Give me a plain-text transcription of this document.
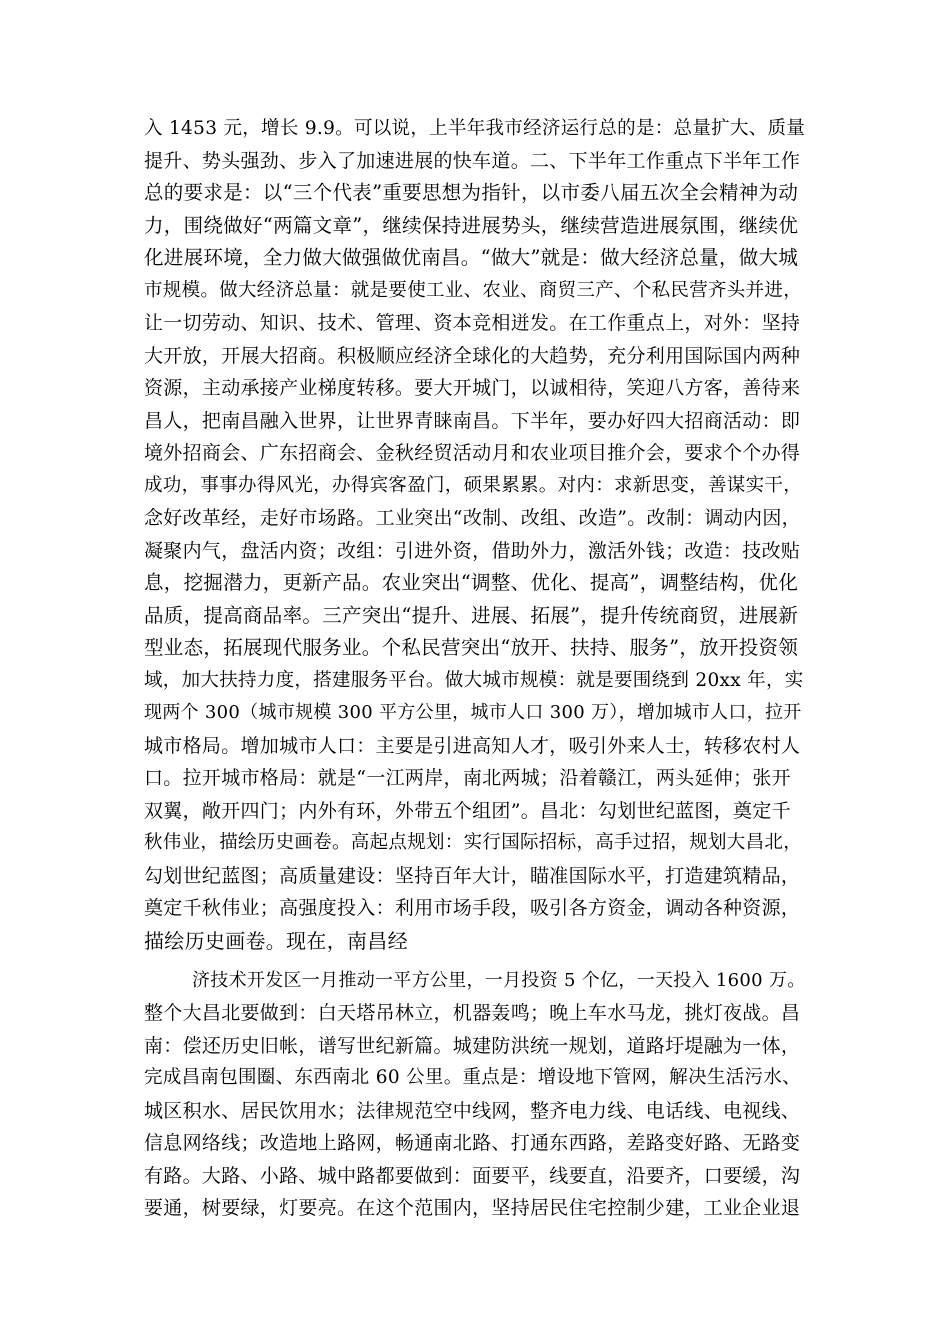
入 1453 元，增长 9.9。可以说，上半年我市经济运行总的是：总量扩大、质量
提升、势头强劲、步入了加速进展的快车道。二、下半年工作重点下半年工作
总的要求是：以“三个代表”重要思想为指针，以市委八届五次全会精神为动
力，围绕做好“两篇文章”，继续保持进展势头，继续营造进展氛围，继续优
化进展环境，全力做大做强做优南昌。“做大”就是：做大经济总量，做大城
市规模。做大经济总量：就是要使工业、农业、商贸三产、个私民营齐头并进，
让一切劳动、知识、技术、管理、资本竞相迸发。在工作重点上，对外：坚持
大开放，开展大招商。积极顺应经济全球化的大趋势，充分利用国际国内两种
资源，主动承接产业梯度转移。要大开城门，以诚相待，笑迎八方客，善待来
昌人，把南昌融入世界，让世界青睐南昌。下半年，要办好四大招商活动：即
境外招商会、广东招商会、金秋经贸活动月和农业项目推介会，要求个个办得
成功，事事办得风光，办得宾客盈门，硕果累累。对内：求新思变，善谋实干，
念好改革经，走好市场路。工业突出“改制、改组、改造”。改制：调动内因，
凝聚内气，盘活内资；改组：引进外资，借助外力，激活外钱；改造：技改贴
息，挖掘潜力，更新产品。农业突出“调整、优化、提高”，调整结构，优化
品质，提高商品率。三产突出“提升、进展、拓展”，提升传统商贸，进展新
型业态，拓展现代服务业。个私民营突出“放开、扶持、服务”，放开投资领
域，加大扶持力度，搭建服务平台。做大城市规模：就是要围绕到 20xx 年，实
现两个 300（城市规模 300 平方公里，城市人口 300 万），增加城市人口，拉开
城市格局。增加城市人口：主要是引进高知人才，吸引外来人士，转移农村人
口。拉开城市格局：就是“一江两岸，南北两城；沿着赣江，两头延伸；张开
双翼，敞开四门；内外有环，外带五个组团”。昌北：勾划世纪蓝图，奠定千
秋伟业，描绘历史画卷。高起点规划：实行国际招标，高手过招，规划大昌北，
勾划世纪蓝图；高质量建设：坚持百年大计，瞄准国际水平，打造建筑精品，
奠定千秋伟业；高强度投入：利用市场手段，吸引各方资金，调动各种资源，
描绘历史画卷。现在，南昌经
济技术开发区一月推动一平方公里，一月投资 5 个亿，一天投入 1600 万。
整个大昌北要做到：白天塔吊林立，机器轰鸣；晚上车水马龙，挑灯夜战。昌
南：偿还历史旧帐，谱写世纪新篇。城建防洪统一规划，道路圩堤融为一体，
完成昌南包围圈、东西南北 60 公里。重点是：增设地下管网，解决生活污水、
城区积水、居民饮用水；法律规范空中线网，整齐电力线、电话线、电视线、
信息网络线；改造地上路网，畅通南北路、打通东西路，差路变好路、无路变
有路。大路、小路、城中路都要做到：面要平，线要直，沿要齐，口要缓，沟
要通，树要绿，灯要亮。在这个范围内，坚持居民住宅控制少建，工业企业退
